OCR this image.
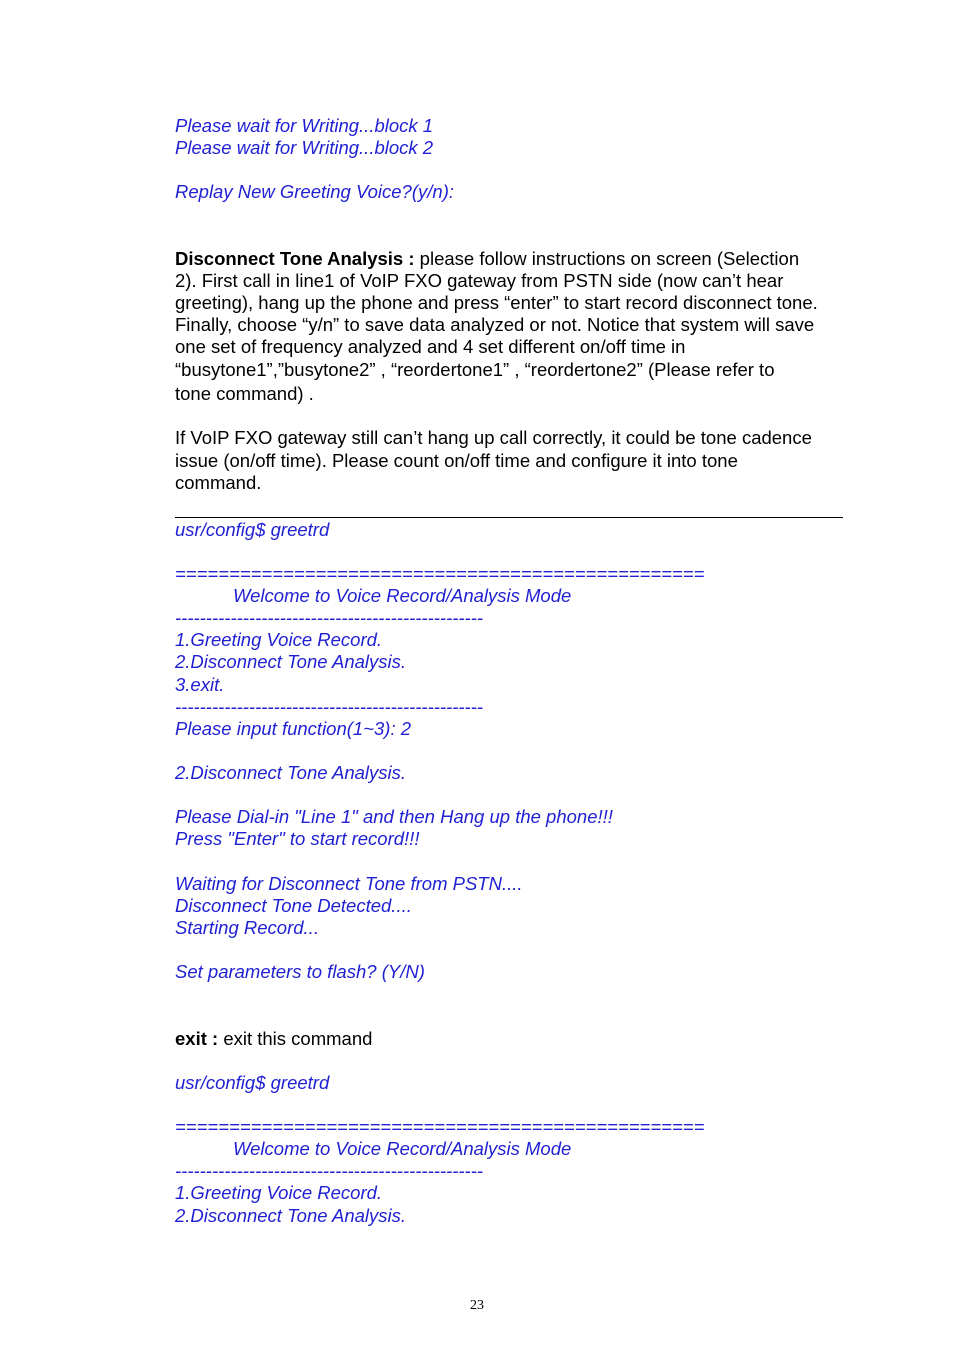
Please wait for Writing...block 1
Please wait for Writing...block 2
Replay New Greeting Voice?(y/n):
Disconnect Tone Analysis : please follow instructions on screen (Selection
2). First call in line1 of VoIP FXO gateway from PSTN side (now can’t hear
greeting), hang up the phone and press “enter” to start record disconnect tone.
Finally, choose “y/n” to save data analyzed or not. Notice that system will save
one set of frequency analyzed and 4 set different on/off time in
“busytone1”,”busytone2” , “reordertone1” , “reordertone2” (Please refer to
tone command) .
If VoIP FXO gateway still can’t hang up call correctly, it could be tone cadence
issue (on/off time). Please count on/off time and configure it into tone
command.
usr/config$ greetrd
=================================================
Welcome to Voice Record/Analysis Mode
--------------------------------------------------
1.Greeting Voice Record.
2.Disconnect Tone Analysis.
3.exit.
--------------------------------------------------
Please input function(1~3): 2
2.Disconnect Tone Analysis.
Please Dial-in "Line 1" and then Hang up the phone!!!
Press "Enter" to start record!!!
Waiting for Disconnect Tone from PSTN....
Disconnect Tone Detected....
Starting Record...
Set parameters to flash? (Y/N)
exit : exit this command
usr/config$ greetrd
=================================================
Welcome to Voice Record/Analysis Mode
--------------------------------------------------
1.Greeting Voice Record.
2.Disconnect Tone Analysis.
23
